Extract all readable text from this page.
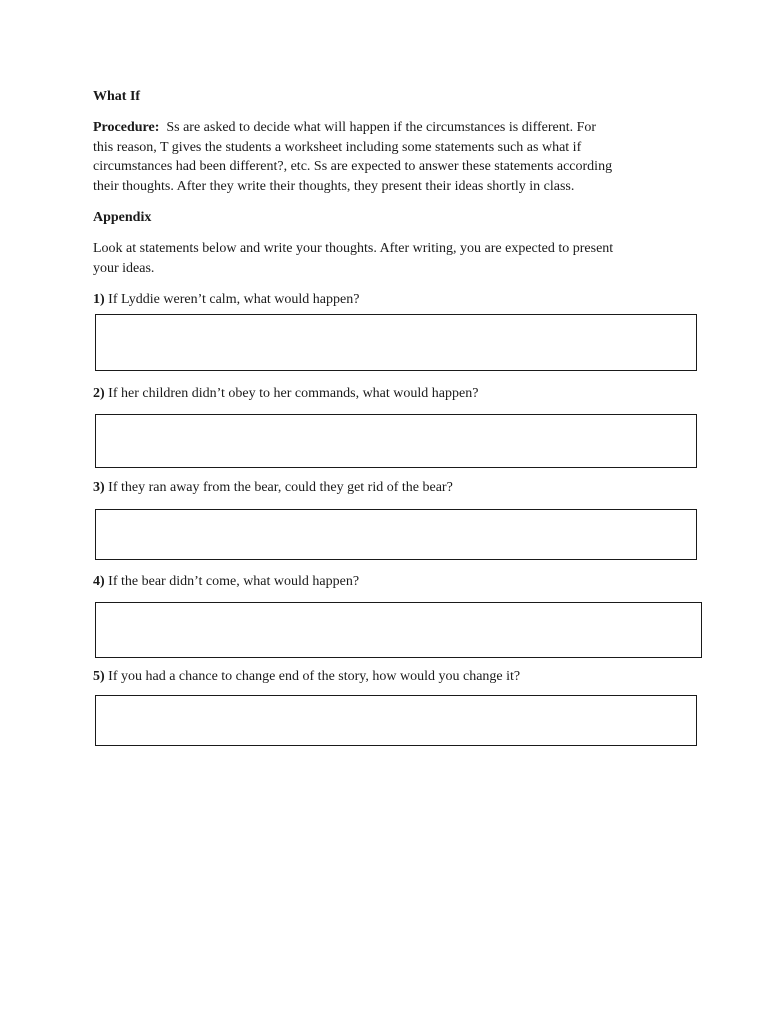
What If

Procedure: Ss are asked to decide what will happen if the circumstances is different. For
this reason, T gives the students a worksheet including some statements such as what if
circumstances had been different?, etc. Ss are expected to answer these statements according
their thoughts. After they write their thoughts, they present their ideas shortly in class.

Appendix

Look at statements below and write your thoughts. After writing, you are expected to present
your ideas.

1) If Lyddie weren’t calm, what would happen?

2) If her children didn’t obey to her commands, what would happen?

3) If they ran away from the bear, could they get rid of the bear?

4) If the bear didn’t come, what would happen?

5) If you had a chance to change end of the story, how would you change it?
